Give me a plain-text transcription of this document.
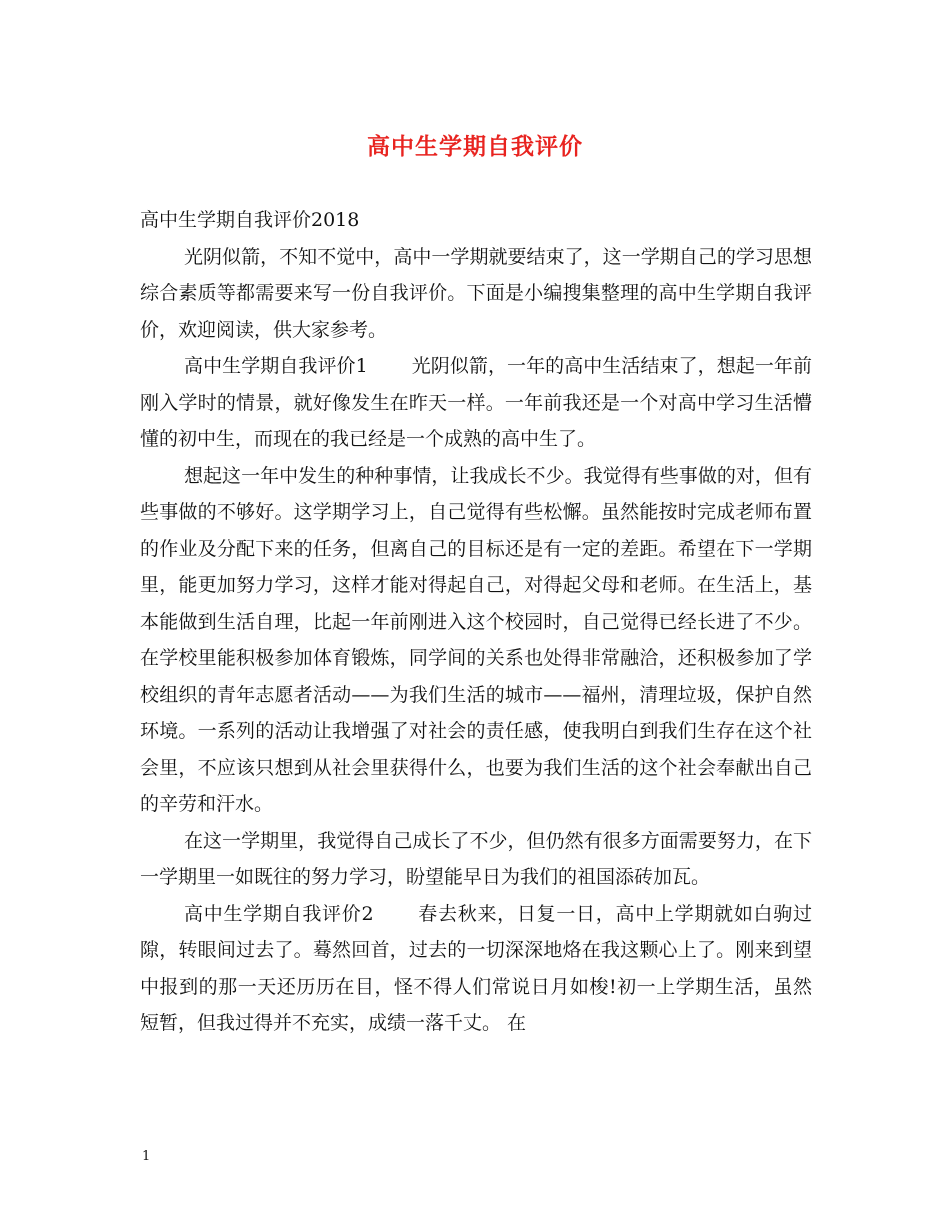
高中生学期自我评价

高中生学期自我评价2018

光阴似箭，不知不觉中，高中一学期就要结束了，这一学期自己的学习思想综合素质等都需要来写一份自我评价。下面是小编搜集整理的高中生学期自我评价，欢迎阅读，供大家参考。

高中生学期自我评价1 光阴似箭，一年的高中生活结束了，想起一年前刚入学时的情景，就好像发生在昨天一样。一年前我还是一个对高中学习生活懵懂的初中生，而现在的我已经是一个成熟的高中生了。

想起这一年中发生的种种事情，让我成长不少。我觉得有些事做的对，但有些事做的不够好。这学期学习上，自己觉得有些松懈。虽然能按时完成老师布置的作业及分配下来的任务，但离自己的目标还是有一定的差距。希望在下一学期里，能更加努力学习，这样才能对得起自己，对得起父母和老师。在生活上，基本能做到生活自理，比起一年前刚进入这个校园时，自己觉得已经长进了不少。在学校里能积极参加体育锻炼，同学间的关系也处得非常融洽，还积极参加了学校组织的青年志愿者活动——为我们生活的城市——福州，清理垃圾，保护自然环境。一系列的活动让我增强了对社会的责任感，使我明白到我们生存在这个社会里，不应该只想到从社会里获得什么，也要为我们生活的这个社会奉献出自己的辛劳和汗水。

在这一学期里，我觉得自己成长了不少，但仍然有很多方面需要努力，在下一学期里一如既往的努力学习，盼望能早日为我们的祖国添砖加瓦。

高中生学期自我评价2 春去秋来，日复一日，高中上学期就如白驹过隙，转眼间过去了。蓦然回首，过去的一切深深地烙在我这颗心上了。刚来到望中报到的那一天还历历在目，怪不得人们常说日月如梭!初一上学期生活，虽然短暂，但我过得并不充实，成绩一落千丈。 在

1
